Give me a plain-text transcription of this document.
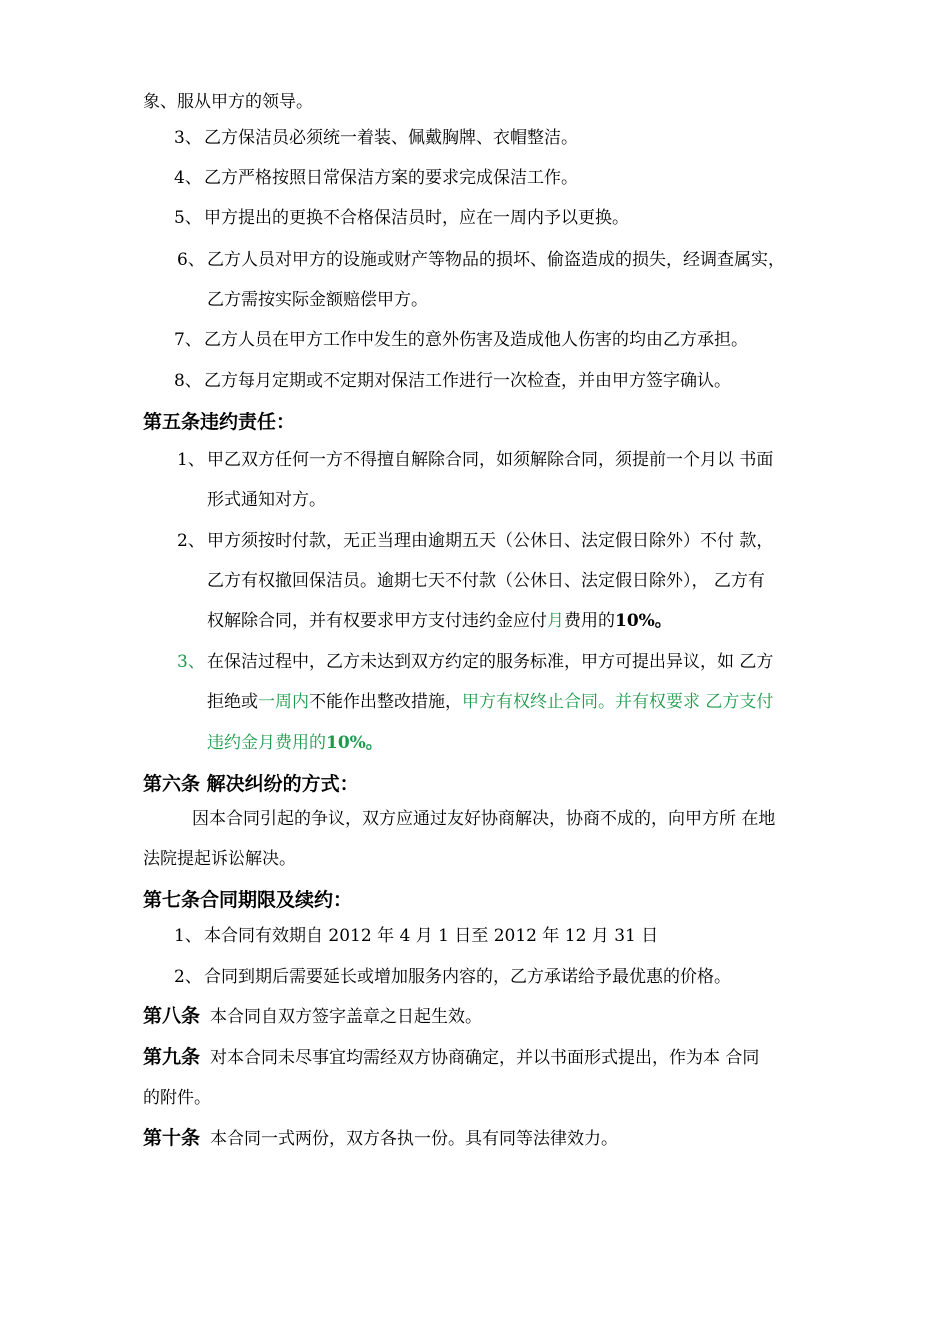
象、服从甲方的领导。
3、 乙方保洁员必须统一着装、佩戴胸牌、衣帽整洁。
4、 乙方严格按照日常保洁方案的要求完成保洁工作。
5、 甲方提出的更换不合格保洁员时，应在一周内予以更换。
6、 乙方人员对甲方的设施或财产等物品的损坏、偷盗造成的损失，经调查属实，
乙方需按实际金额赔偿甲方。
7、 乙方人员在甲方工作中发生的意外伤害及造成他人伤害的均由乙方承担。
8、 乙方每月定期或不定期对保洁工作进行一次检查，并由甲方签字确认。
第五条违约责任：
1、 甲乙双方任何一方不得擅自解除合同，如须解除合同，须提前一个月以 书面
形式通知对方。
2、 甲方须按时付款，无正当理由逾期五天（公休日、法定假日除外）不付 款，
乙方有权撤回保洁员。逾期七天不付款（公休日、法定假日除外）， 乙方有
权解除合同，并有权要求甲方支付违约金应付月费用的10%。
3、 在保洁过程中，乙方未达到双方约定的服务标准，甲方可提出异议，如 乙方
拒绝或一周内不能作出整改措施，甲方有权终止合同。并有权要求 乙方支付
违约金月费用的10%。
第六条 解决纠纷的方式：
因本合同引起的争议，双方应通过友好协商解决，协商不成的，向甲方所 在地
法院提起诉讼解决。
第七条合同期限及续约：
1、 本合同有效期自 2012 年 4 月 1 日至 2012 年 12 月 31 日
2、 合同到期后需要延长或增加服务内容的，乙方承诺给予最优惠的价格。
第八条 本合同自双方签字盖章之日起生效。
第九条 对本合同未尽事宜均需经双方协商确定，并以书面形式提出，作为本 合同
的附件。
第十条 本合同一式两份，双方各执一份。具有同等法律效力。
